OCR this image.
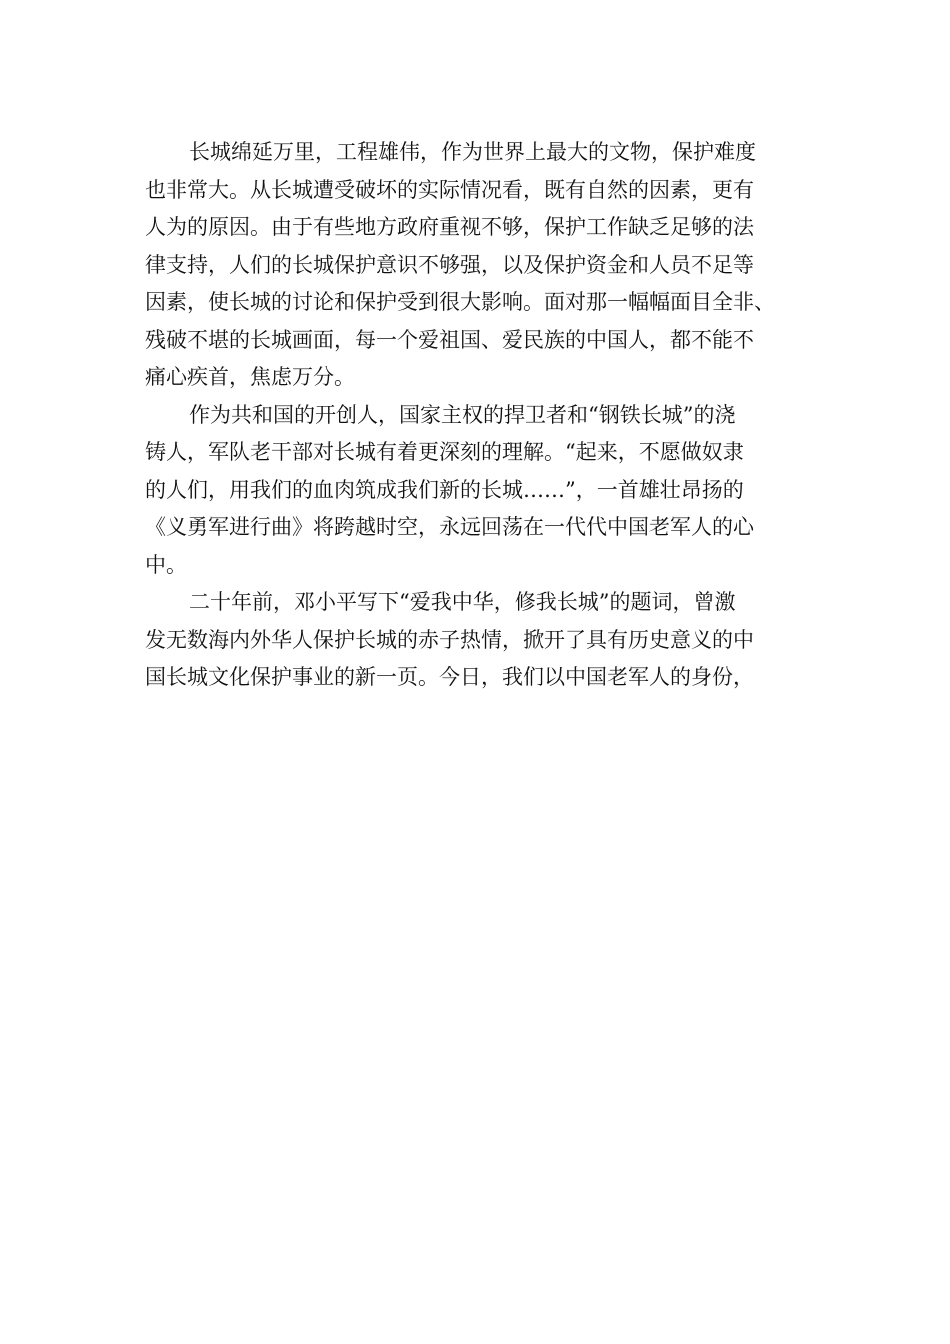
长城绵延万里，工程雄伟，作为世界上最大的文物，保护难度

也非常大。从长城遭受破坏的实际情况看，既有自然的因素，更有

人为的原因。由于有些地方政府重视不够，保护工作缺乏足够的法

律支持，人们的长城保护意识不够强，以及保护资金和人员不足等

因素，使长城的讨论和保护受到很大影响。面对那一幅幅面目全非、

残破不堪的长城画面，每一个爱祖国、爱民族的中国人，都不能不

痛心疾首，焦虑万分。

作为共和国的开创人，国家主权的捍卫者和“钢铁长城”的浇

铸人，军队老干部对长城有着更深刻的理解。“起来，不愿做奴隶

的人们，用我们的血肉筑成我们新的长城……”，一首雄壮昂扬的

《义勇军进行曲》将跨越时空，永远回荡在一代代中国老军人的心

中。

二十年前，邓小平写下“爱我中华，修我长城”的题词，曾激

发无数海内外华人保护长城的赤子热情，掀开了具有历史意义的中

国长城文化保护事业的新一页。今日，我们以中国老军人的身份，
